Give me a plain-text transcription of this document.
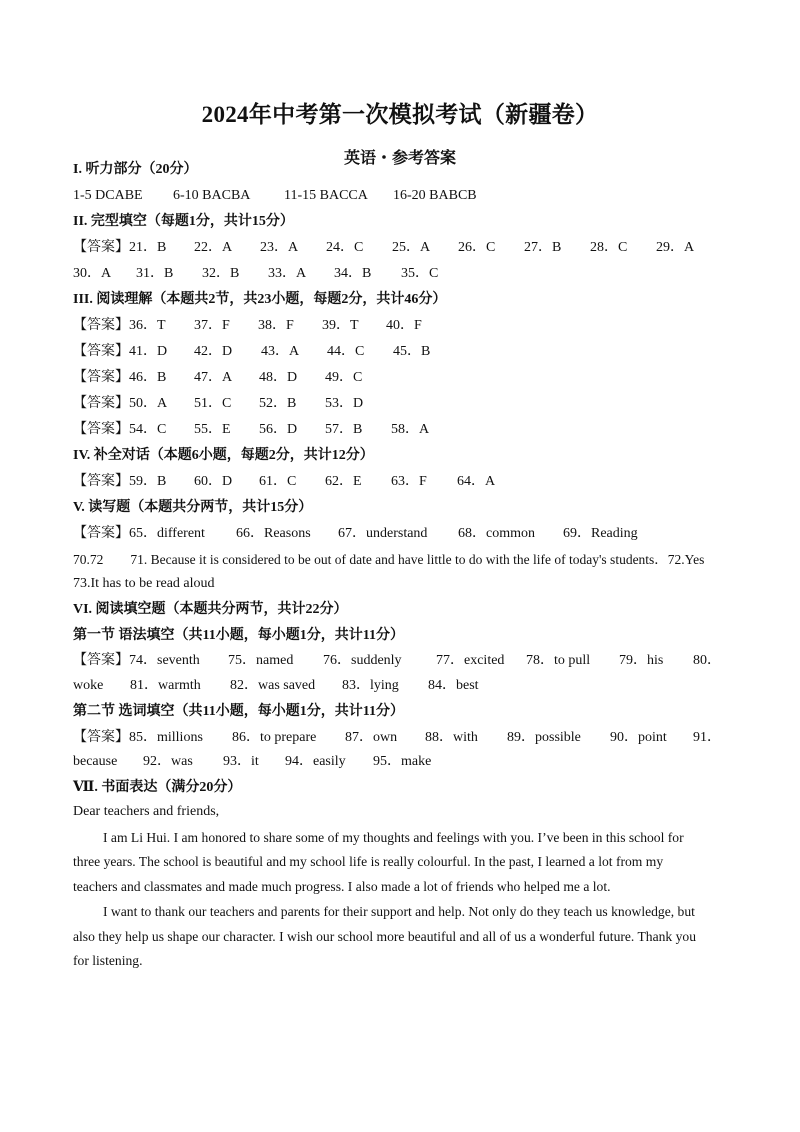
2024年中考第一次模拟考试（新疆卷）
英语・参考答案
I. 听力部分（20分）
1-5 DCABE 6-10 BACBA 11-15 BACCA 16-20 BABCB
II. 完型填空（每题1分，共计15分）
【答案】21．B 22．A 23．A 24．C 25．A 26．C 27．B 28．C 29．A
30．A 31．B 32．B 33．A 34．B 35．C
III. 阅读理解（本题共2节，共23小题，每题2分，共计46分）
【答案】36．T 37．F 38．F 39．T 40．F
【答案】41．D 42．D 43．A 44．C 45．B
【答案】46．B 47．A 48．D 49．C
【答案】50．A 51．C 52．B 53．D
【答案】54．C 55．E 56．D 57．B 58．A
IV. 补全对话（本题6小题，每题2分，共计12分）
【答案】59．B 60．D 61．C 62．E 63．F 64．A
V. 读写题（本题共分两节，共计15分）
【答案】65．different 66．Reasons 67．understand 68．common 69．Reading
70.72　　71. Because it is considered to be out of date and have little to do with the life of today's students．72.Yes
73.It has to be read aloud
VI. 阅读填空题（本题共分两节，共计22分）
第一节 语法填空（共11小题，每小题1分，共计11分）
【答案】74．seventh 75．named 76．suddenly 77．excited 78．to pull 79．his 80．
woke 81．warmth 82．was saved 83．lying 84．best
第二节 选词填空（共11小题，每小题1分，共计11分）
【答案】85．millions 86．to prepare 87．own 88．with 89．possible 90．point 91．
because 92．was 93．it 94．easily 95．make
Ⅶ. 书面表达（满分20分）
Dear teachers and friends,
I am Li Hui. I am honored to share some of my thoughts and feelings with you. I’ve been in this school for
three years. The school is beautiful and my school life is really colourful. In the past, I learned a lot from my
teachers and classmates and made much progress. I also made a lot of friends who helped me a lot.
I want to thank our teachers and parents for their support and help. Not only do they teach us knowledge, but
also they help us shape our character. I wish our school more beautiful and all of us a wonderful future. Thank you
for listening.
